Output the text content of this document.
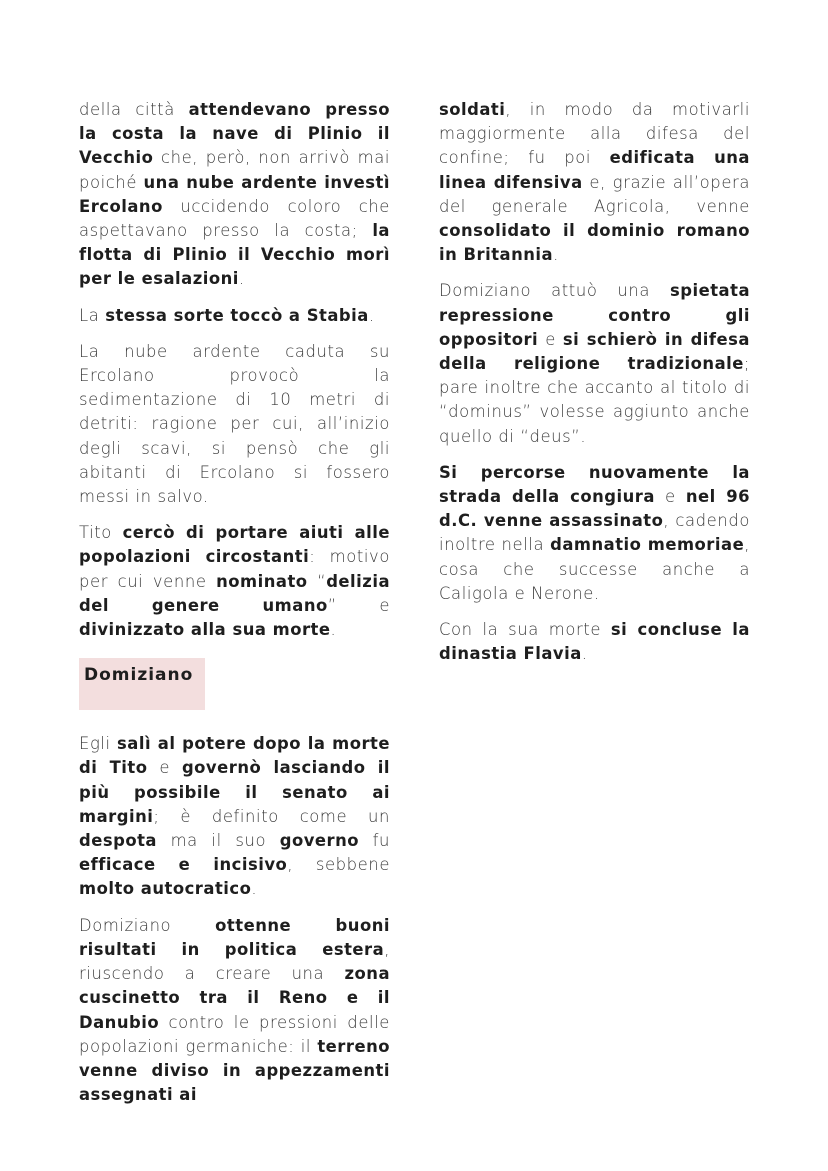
della città attendevano presso la costa la nave di Plinio il Vecchio che, però, non arrivò mai poiché una nube ardente investì Ercolano uccidendo coloro che aspettavano presso la costa; la flotta di Plinio il Vecchio morì per le esalazioni.

La stessa sorte toccò a Stabia.

La nube ardente caduta su Ercolano provocò la sedimentazione di 10 metri di detriti: ragione per cui, all’inizio degli scavi, si pensò che gli abitanti di Ercolano si fossero messi in salvo.

Tito cercò di portare aiuti alle popolazioni circostanti: motivo per cui venne nominato “delizia del genere umano” e divinizzato alla sua morte.

Domiziano

Egli salì al potere dopo la morte di Tito e governò lasciando il più possibile il senato ai margini; è definito come un despota ma il suo governo fu efficace e incisivo, sebbene molto autocratico.

Domiziano ottenne buoni risultati in politica estera, riuscendo a creare una zona cuscinetto tra il Reno e il Danubio contro le pressioni delle popolazioni germaniche: il terreno venne diviso in appezzamenti assegnati ai

soldati, in modo da motivarli maggiormente alla difesa del confine; fu poi edificata una linea difensiva e, grazie all’opera del generale Agricola, venne consolidato il dominio romano in Britannia.

Domiziano attuò una spietata repressione contro gli oppositori e si schierò in difesa della religione tradizionale; pare inoltre che accanto al titolo di “dominus” volesse aggiunto anche quello di “deus”.

Si percorse nuovamente la strada della congiura e nel 96 d.C. venne assassinato, cadendo inoltre nella damnatio memoriae, cosa che successe anche a Caligola e Nerone.

Con la sua morte si concluse la dinastia Flavia.
